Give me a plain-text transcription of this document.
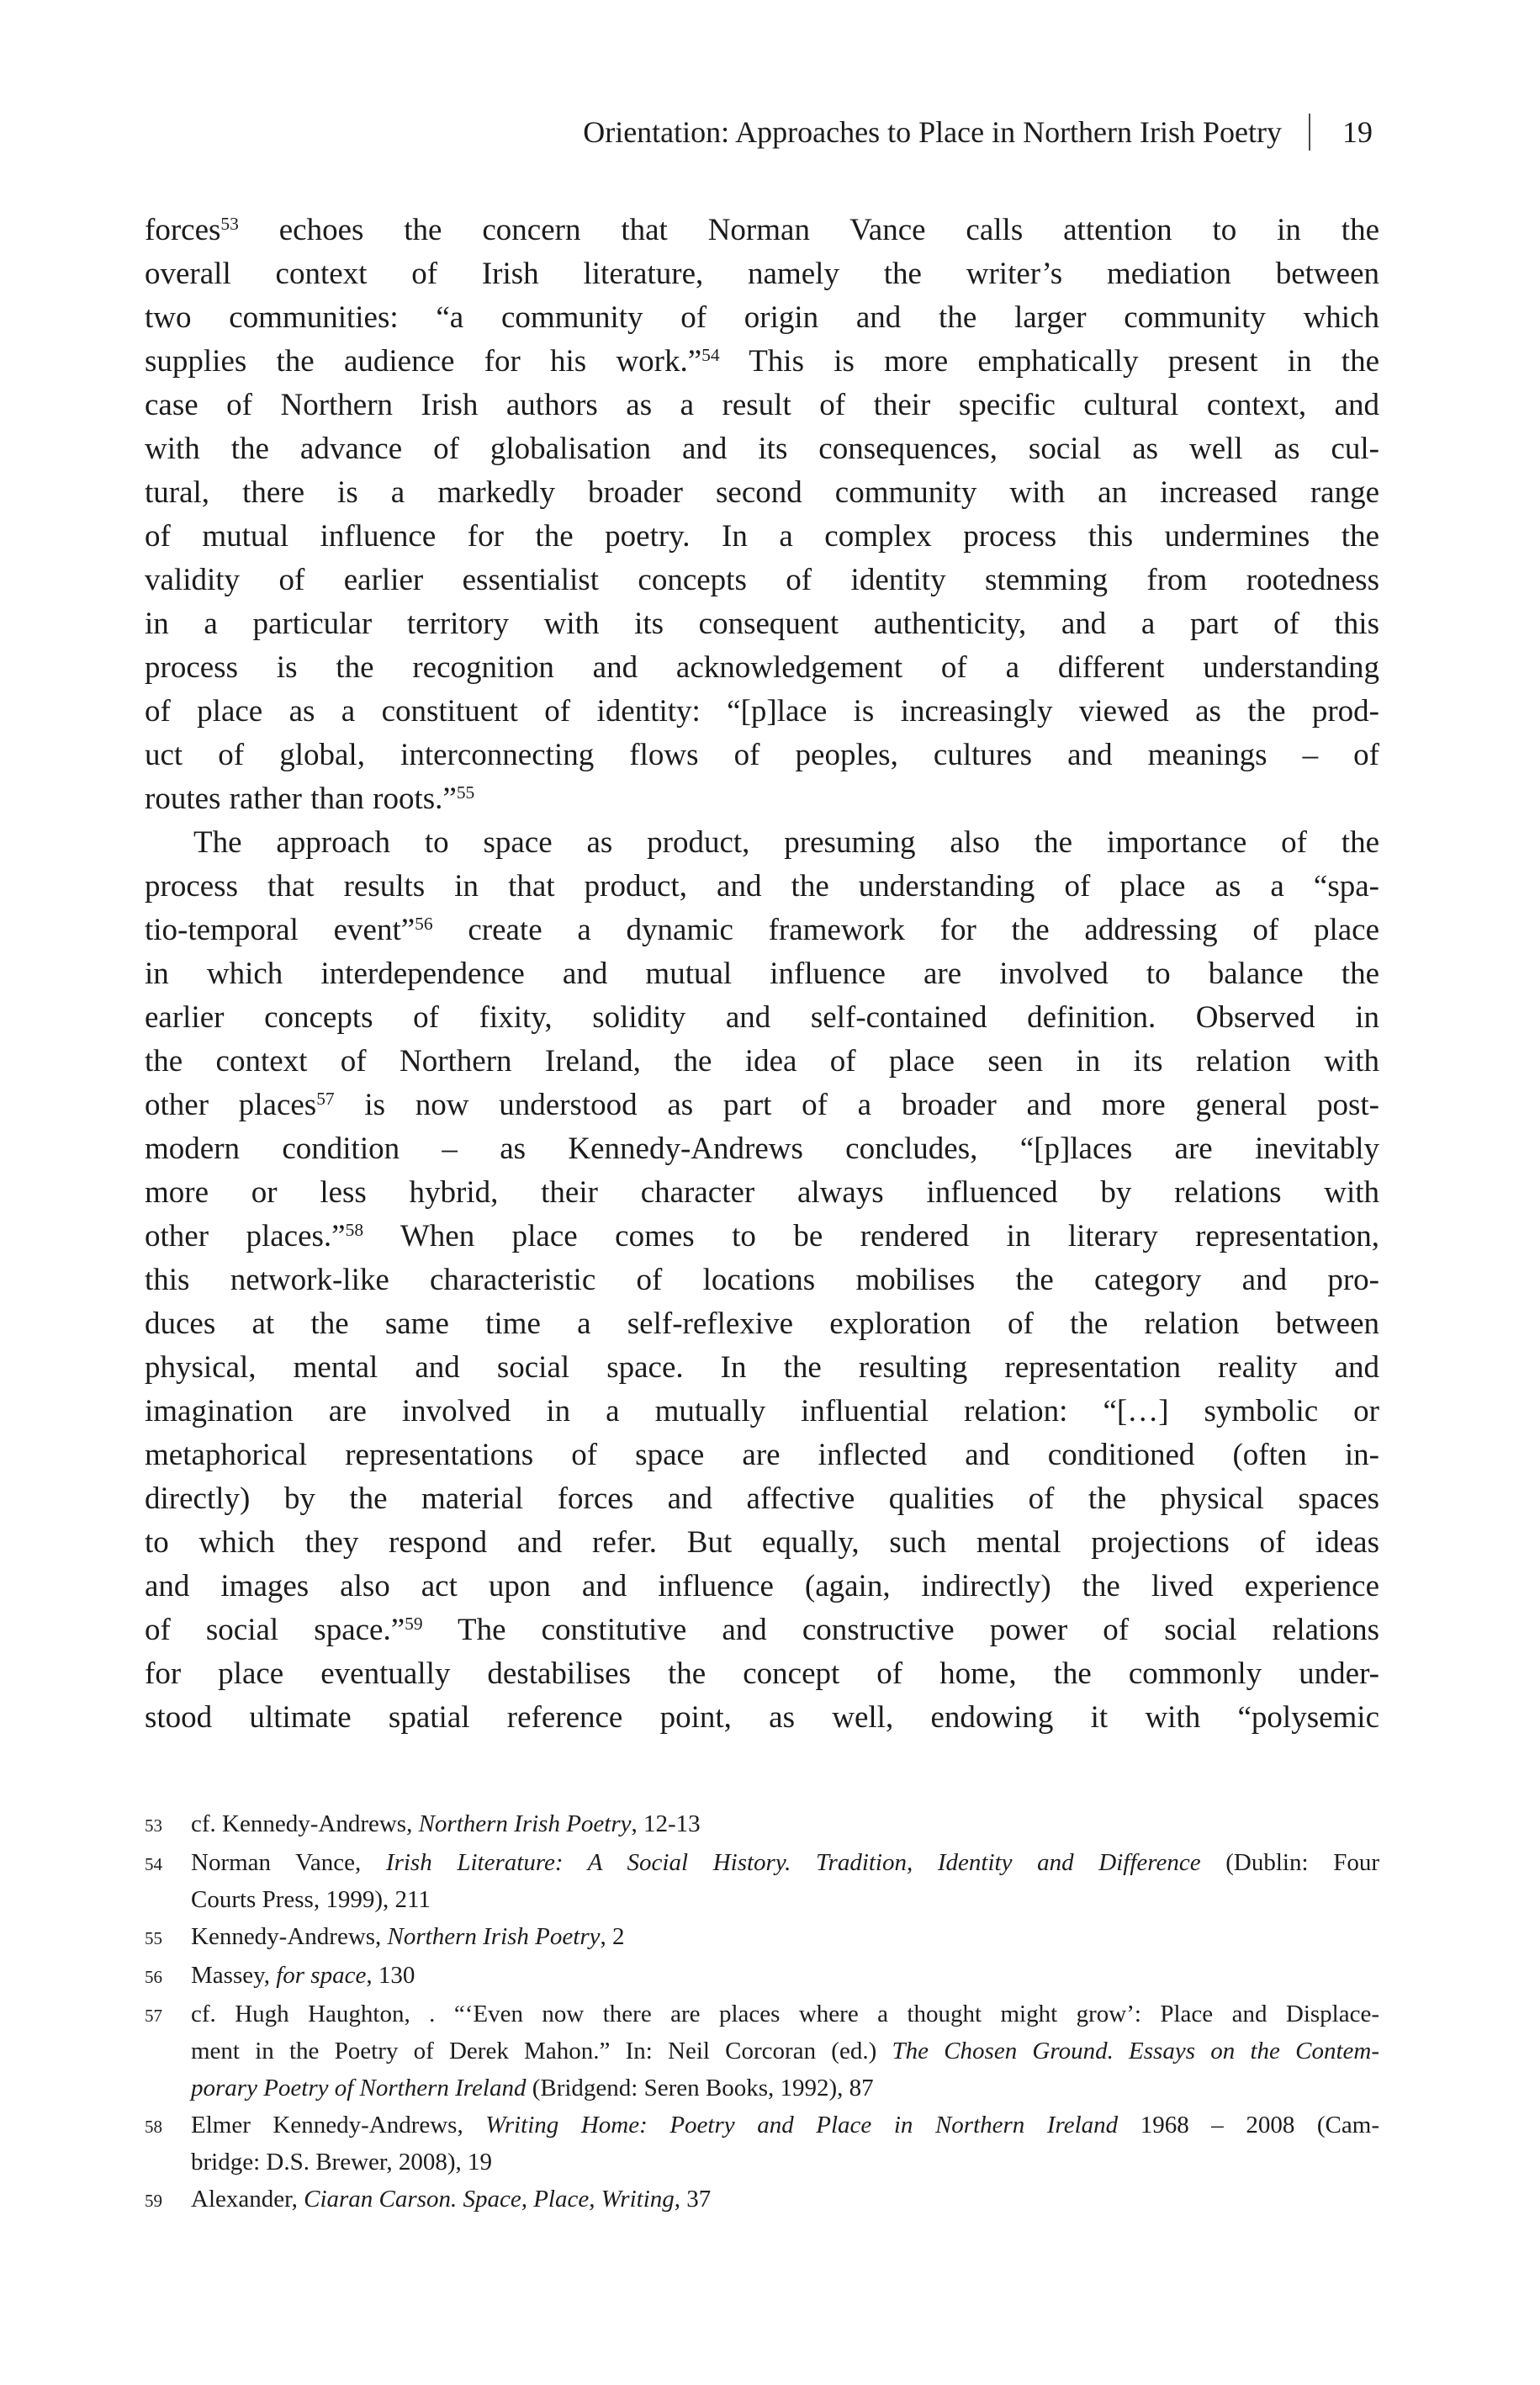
Orientation: Approaches to Place in Northern Irish Poetry 19
forces$^{53}$ echoes the concern that Norman Vance calls attention to in the
overall context of Irish literature, namely the writer’s mediation between
two communities: “a community of origin and the larger community which
supplies the audience for his work.”$^{54}$ This is more emphatically present in the
case of Northern Irish authors as a result of their specific cultural context, and
with the advance of globalisation and its consequences, social as well as cul-
tural, there is a markedly broader second community with an increased range
of mutual influence for the poetry. In a complex process this undermines the
validity of earlier essentialist concepts of identity stemming from rootedness
in a particular territory with its consequent authenticity, and a part of this
process is the recognition and acknowledgement of a different understanding
of place as a constituent of identity: “[p]lace is increasingly viewed as the prod-
uct of global, interconnecting flows of peoples, cultures and meanings – of
routes rather than roots.”$^{55}$
The approach to space as product, presuming also the importance of the
process that results in that product, and the understanding of place as a “spa-
tio-temporal event”$^{56}$ create a dynamic framework for the addressing of place
in which interdependence and mutual influence are involved to balance the
earlier concepts of fixity, solidity and self-contained definition. Observed in
the context of Northern Ireland, the idea of place seen in its relation with
other places$^{57}$ is now understood as part of a broader and more general post-
modern condition – as Kennedy-Andrews concludes, “[p]laces are inevitably
more or less hybrid, their character always influenced by relations with
other places.”$^{58}$ When place comes to be rendered in literary representation,
this network-like characteristic of locations mobilises the category and pro-
duces at the same time a self-reflexive exploration of the relation between
physical, mental and social space. In the resulting representation reality and
imagination are involved in a mutually influential relation: “[…] symbolic or
metaphorical representations of space are inflected and conditioned (often in-
directly) by the material forces and affective qualities of the physical spaces
to which they respond and refer. But equally, such mental projections of ideas
and images also act upon and influence (again, indirectly) the lived experience
of social space.”$^{59}$ The constitutive and constructive power of social relations
for place eventually destabilises the concept of home, the commonly under-
stood ultimate spatial reference point, as well, endowing it with “polysemic
53	cf. Kennedy-Andrews, Northern Irish Poetry, 12-13
54	Norman Vance, Irish Literature: A Social History. Tradition, Identity and Difference (Dublin: Four
Courts Press, 1999), 211
55	Kennedy-Andrews, Northern Irish Poetry, 2
56	Massey, for space, 130
57	cf. Hugh Haughton, . “‘Even now there are places where a thought might grow’: Place and Displace-
ment in the Poetry of Derek Mahon.” In: Neil Corcoran (ed.) The Chosen Ground. Essays on the Contem-
porary Poetry of Northern Ireland (Bridgend: Seren Books, 1992), 87
58	Elmer Kennedy-Andrews, Writing Home: Poetry and Place in Northern Ireland 1968 – 2008 (Cam-
bridge: D.S. Brewer, 2008), 19
59	Alexander, Ciaran Carson. Space, Place, Writing, 37
